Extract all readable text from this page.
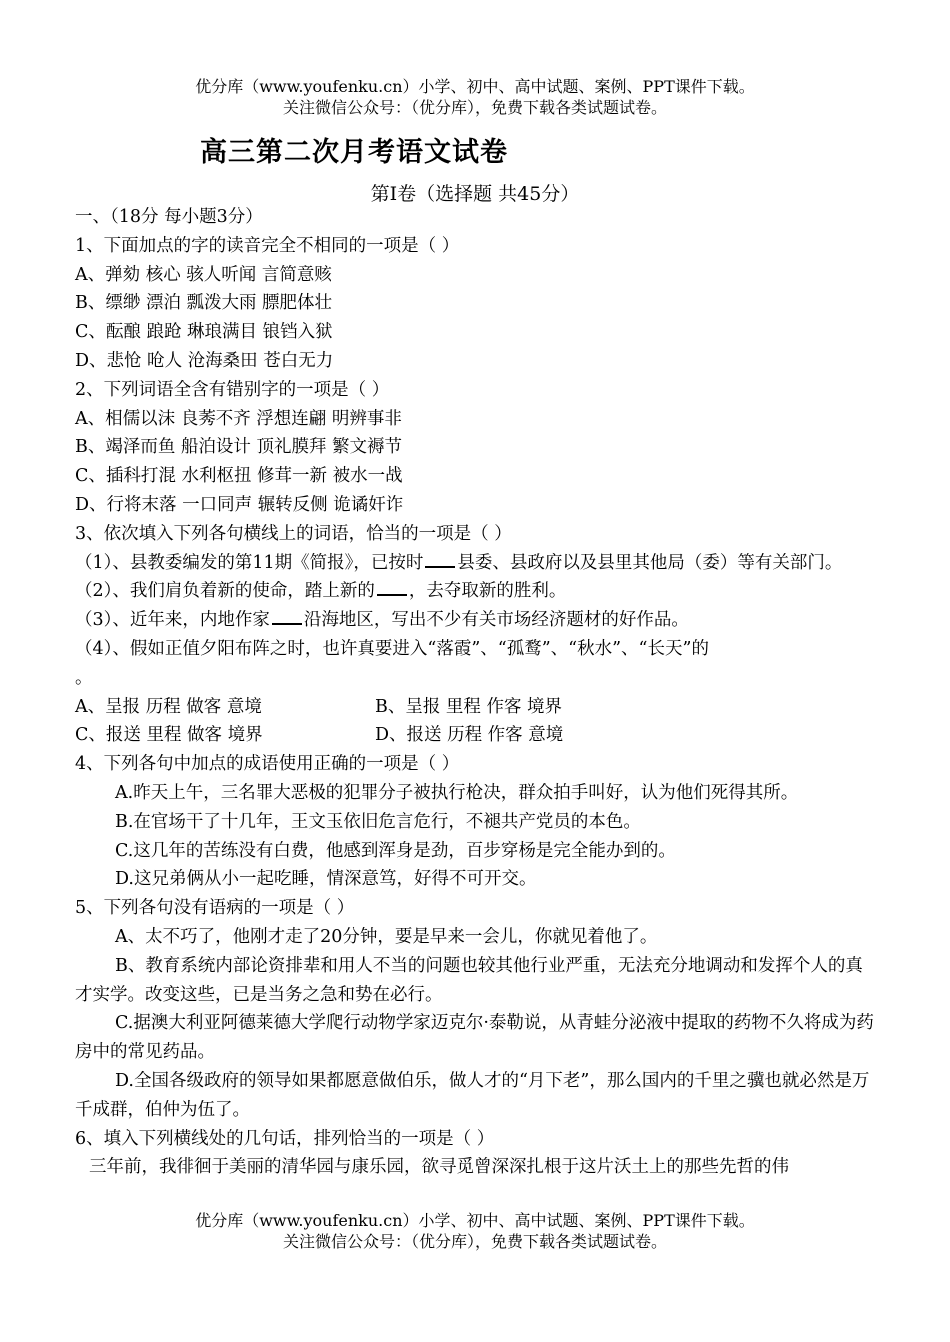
优分库（www.youfenku.cn）小学、初中、高中试题、案例、PPT课件下载。
关注微信公众号：（优分库），免费下载各类试题试卷。
高三第二次月考语文试卷
第Ⅰ卷（选择题 共45分）
一、（18分 每小题3分）
1、下面加点的字的读音完全不相同的一项是（ ）
A、弹劾 核心 骇人听闻 言简意赅
B、缥缈 漂泊 瓢泼大雨 膘肥体壮
C、酝酿 踉跄 琳琅满目 锒铛入狱
D、悲怆 呛人 沧海桑田 苍白无力
2、下列词语全含有错别字的一项是（ ）
A、相儒以沫 良莠不齐 浮想连翩 明辨事非
B、竭泽而鱼 船泊设计 顶礼膜拜 繁文褥节
C、插科打混 水利枢扭 修茸一新 被水一战
D、行将末落 一口同声 辗转反侧 诡谲奸诈
3、依次填入下列各句横线上的词语，恰当的一项是（ ）
（1）、县教委编发的第11期《简报》，已按时 县委、县政府以及县里其他局（委）等有关部门。
（2）、我们肩负着新的使命，踏上新的 ，去夺取新的胜利。
（3）、近年来，内地作家 沿海地区，写出不少有关市场经济题材的好作品。
（4）、假如正值夕阳布阵之时，也许真要进入“落霞”、“孤鹜”、“秋水”、“长天”的
。
A、呈报 历程 做客 意境	B、呈报 里程 作客 境界
C、报送 里程 做客 境界	D、报送 历程 作客 意境
4、下列各句中加点的成语使用正确的一项是（ ）
A.昨天上午，三名罪大恶极的犯罪分子被执行枪决，群众拍手叫好，认为他们死得其所。
B.在官场干了十几年，王文玉依旧危言危行，不褪共产党员的本色。
C.这几年的苦练没有白费，他感到浑身是劲，百步穿杨是完全能办到的。
D.这兄弟俩从小一起吃睡，情深意笃，好得不可开交。
5、下列各句没有语病的一项是（ ）
A、太不巧了，他刚才走了20分钟，要是早来一会儿，你就见着他了。
B、教育系统内部论资排辈和用人不当的问题也较其他行业严重，无法充分地调动和发挥个人的真才实学。改变这些，已是当务之急和势在必行。
C.据澳大利亚阿德莱德大学爬行动物学家迈克尔·泰勒说，从青蛙分泌液中提取的药物不久将成为药房中的常见药品。
D.全国各级政府的领导如果都愿意做伯乐，做人才的“月下老”，那么国内的千里之骥也就必然是万千成群，伯仲为伍了。
6、填入下列横线处的几句话，排列恰当的一项是（ ）
三年前，我徘徊于美丽的清华园与康乐园，欲寻觅曾深深扎根于这片沃土上的那些先哲的伟
优分库（www.youfenku.cn）小学、初中、高中试题、案例、PPT课件下载。
关注微信公众号：（优分库），免费下载各类试题试卷。
